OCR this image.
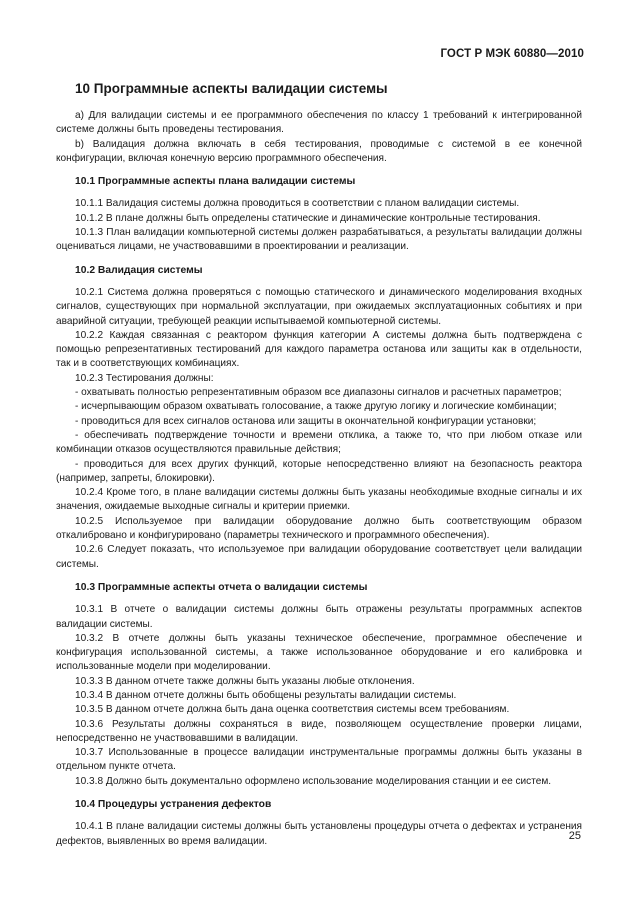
ГОСТ Р МЭК 60880—2010
10 Программные аспекты валидации системы

a) Для валидации системы и ее программного обеспечения по классу 1 требований к интегрированной системе должны быть проведены тестирования.

b) Валидация должна включать в себя тестирования, проводимые с системой в ее конечной конфигурации, включая конечную версию программного обеспечения.

10.1 Программные аспекты плана валидации системы

10.1.1 Валидация системы должна проводиться в соответствии с планом валидации системы.

10.1.2 В плане должны быть определены статические и динамические контрольные тестирования.

10.1.3 План валидации компьютерной системы должен разрабатываться, а результаты валидации должны оцениваться лицами, не участвовавшими в проектировании и реализации.

10.2 Валидация системы

10.2.1 Система должна проверяться с помощью статического и динамического моделирования входных сигналов, существующих при нормальной эксплуатации, при ожидаемых эксплуатационных событиях и при аварийной ситуации, требующей реакции испытываемой компьютерной системы.

10.2.2 Каждая связанная с реактором функция категории А системы должна быть подтверждена с помощью репрезентативных тестирований для каждого параметра останова или защиты как в отдельности, так и в соответствующих комбинациях.

10.2.3 Тестирования должны:

- охватывать полностью репрезентативным образом все диапазоны сигналов и расчетных параметров;

- исчерпывающим образом охватывать голосование, а также другую логику и логические комбинации;

- проводиться для всех сигналов останова или защиты в окончательной конфигурации установки;

- обеспечивать подтверждение точности и времени отклика, а также то, что при любом отказе или комбинации отказов осуществляются правильные действия;

- проводиться для всех других функций, которые непосредственно влияют на безопасность реактора (например, запреты, блокировки).

10.2.4 Кроме того, в плане валидации системы должны быть указаны необходимые входные сигналы и их значения, ожидаемые выходные сигналы и критерии приемки.

10.2.5 Используемое при валидации оборудование должно быть соответствующим образом откалибровано и конфигурировано (параметры технического и программного обеспечения).

10.2.6 Следует показать, что используемое при валидации оборудование соответствует цели валидации системы.

10.3 Программные аспекты отчета о валидации системы

10.3.1 В отчете о валидации системы должны быть отражены результаты программных аспектов валидации системы.

10.3.2 В отчете должны быть указаны техническое обеспечение, программное обеспечение и конфигурация использованной системы, а также использованное оборудование и его калибровка и использованные модели при моделировании.

10.3.3 В данном отчете также должны быть указаны любые отклонения.

10.3.4 В данном отчете должны быть обобщены результаты валидации системы.

10.3.5 В данном отчете должна быть дана оценка соответствия системы всем требованиям.

10.3.6 Результаты должны сохраняться в виде, позволяющем осуществление проверки лицами, непосредственно не участвовавшими в валидации.

10.3.7 Использованные в процессе валидации инструментальные программы должны быть указаны в отдельном пункте отчета.

10.3.8 Должно быть документально оформлено использование моделирования станции и ее систем.

10.4 Процедуры устранения дефектов

10.4.1 В плане валидации системы должны быть установлены процедуры отчета о дефектах и устранения дефектов, выявленных во время валидации.	25
